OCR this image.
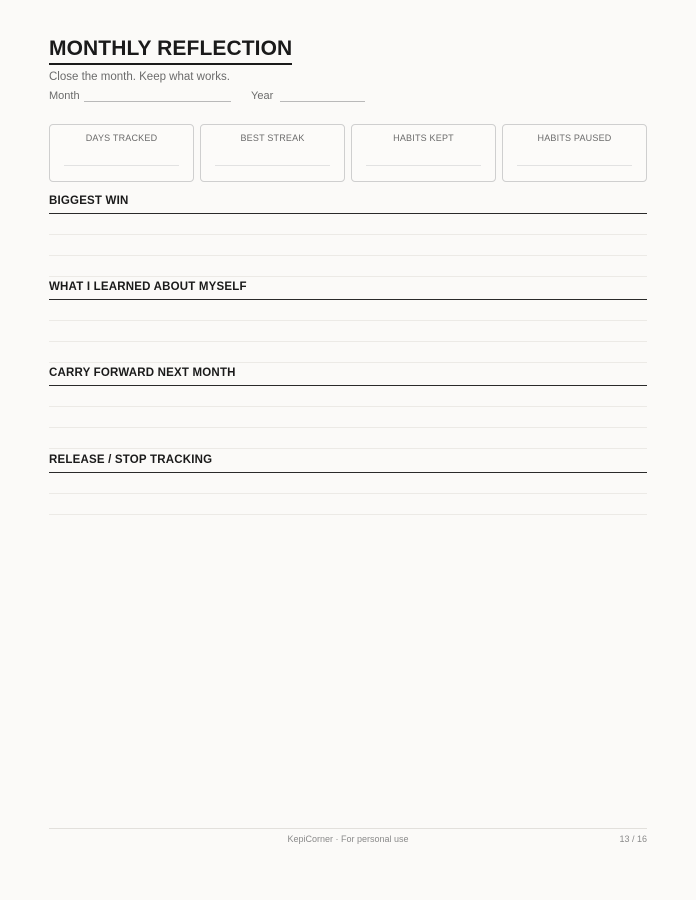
MONTHLY REFLECTION
Close the month. Keep what works.
Month	Year
DAYS TRACKED	BEST STREAK	HABITS KEPT	HABITS PAUSED
BIGGEST WIN
WHAT I LEARNED ABOUT MYSELF
CARRY FORWARD NEXT MONTH
RELEASE / STOP TRACKING
KepiCorner · For personal use	13 / 16
